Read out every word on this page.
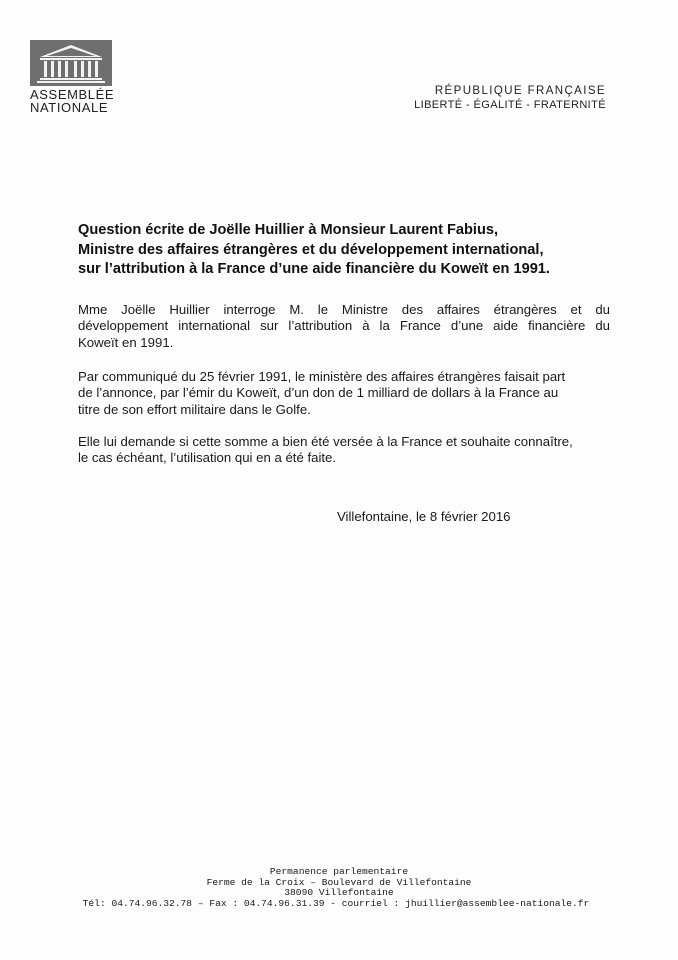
ASSEMBLÉE
NATIONALE
RÉPUBLIQUE FRANÇAISE
LIBERTÉ - ÉGALITÉ - FRATERNITÉ
Question écrite de Joëlle Huillier à Monsieur Laurent Fabius,
Ministre des affaires étrangères et du développement international,
sur l’attribution à la France d’une aide financière du Koweït en 1991.
Mme Joëlle Huillier interroge M. le Ministre des affaires étrangères et du
développement international sur l’attribution à la France d’une aide financière du
Koweït en 1991.
Par communiqué du 25 février 1991, le ministère des affaires étrangères faisait part
de l’annonce, par l’émir du Koweït, d’un don de 1 milliard de dollars à la France au
titre de son effort militaire dans le Golfe.
Elle lui demande si cette somme a bien été versée à la France et souhaite connaître,
le cas échéant, l’utilisation qui en a été faite.
Villefontaine, le 8 février 2016
Permanence parlementaire
Ferme de la Croix – Boulevard de Villefontaine
38090 Villefontaine
Tél: 04.74.96.32.78 – Fax : 04.74.96.31.39 - courriel : jhuillier@assemblee-nationale.fr
